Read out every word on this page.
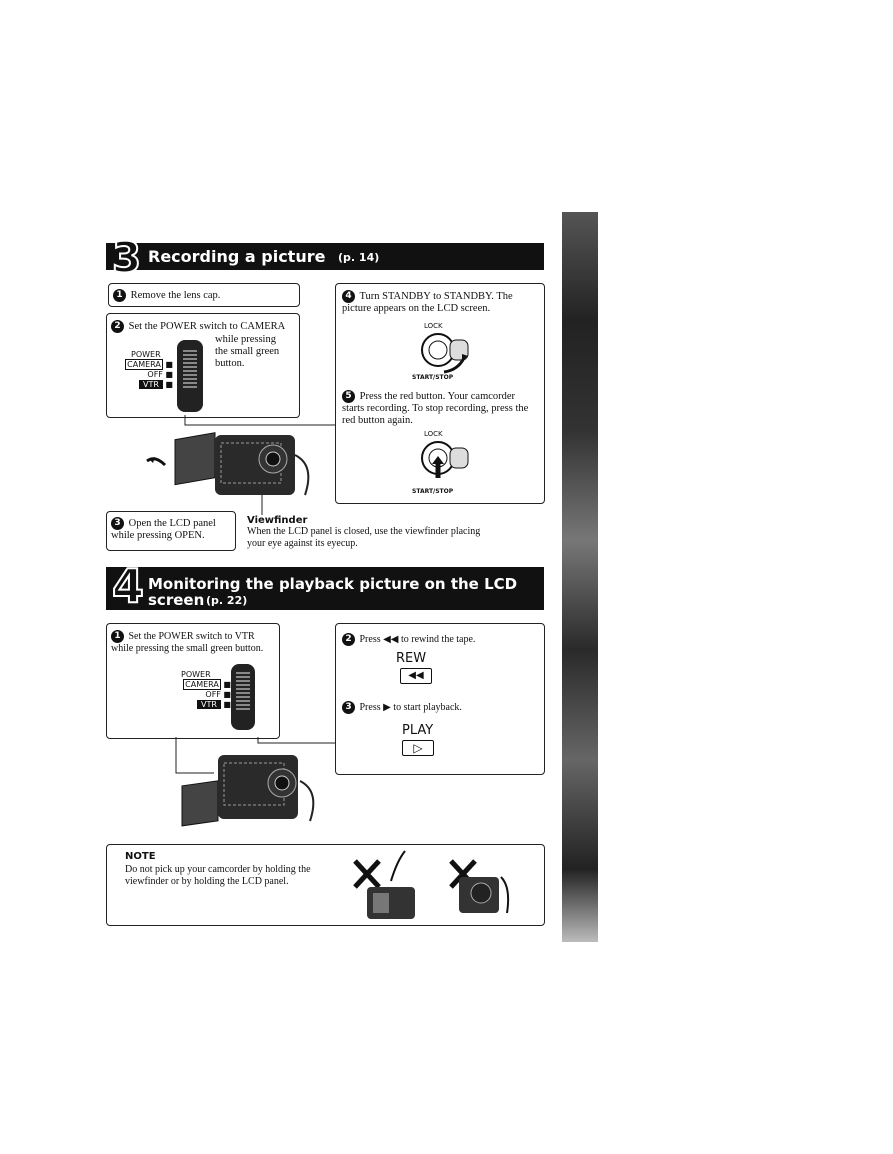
3 Recording a picture (p. 14)
1 Remove the lens cap.
2 Set the POWER switch to CAMERA
while pressing the small green button.
POWER
CAMERA ■
OFF ■
VTR ■
3 Open the LCD panel while pressing OPEN.
Viewfinder
When the LCD panel is closed, use the viewfinder placing your eye against its eyecup.
4 Turn STANDBY to STANDBY. The picture appears on the LCD screen.
LOCK
START/STOP
5 Press the red button. Your camcorder starts recording. To stop recording, press the red button again.
LOCK
START/STOP
4 Monitoring the playback picture on the LCD
screen (p. 22)
1 Set the POWER switch to VTR while pressing the small green button.
POWER
CAMERA ■
OFF ■
VTR ■
2 Press ◀◀ to rewind the tape.
REW
◀◀
3 Press ▶ to start playback.
PLAY
▷
NOTE
Do not pick up your camcorder by holding the viewfinder or by holding the LCD panel.
